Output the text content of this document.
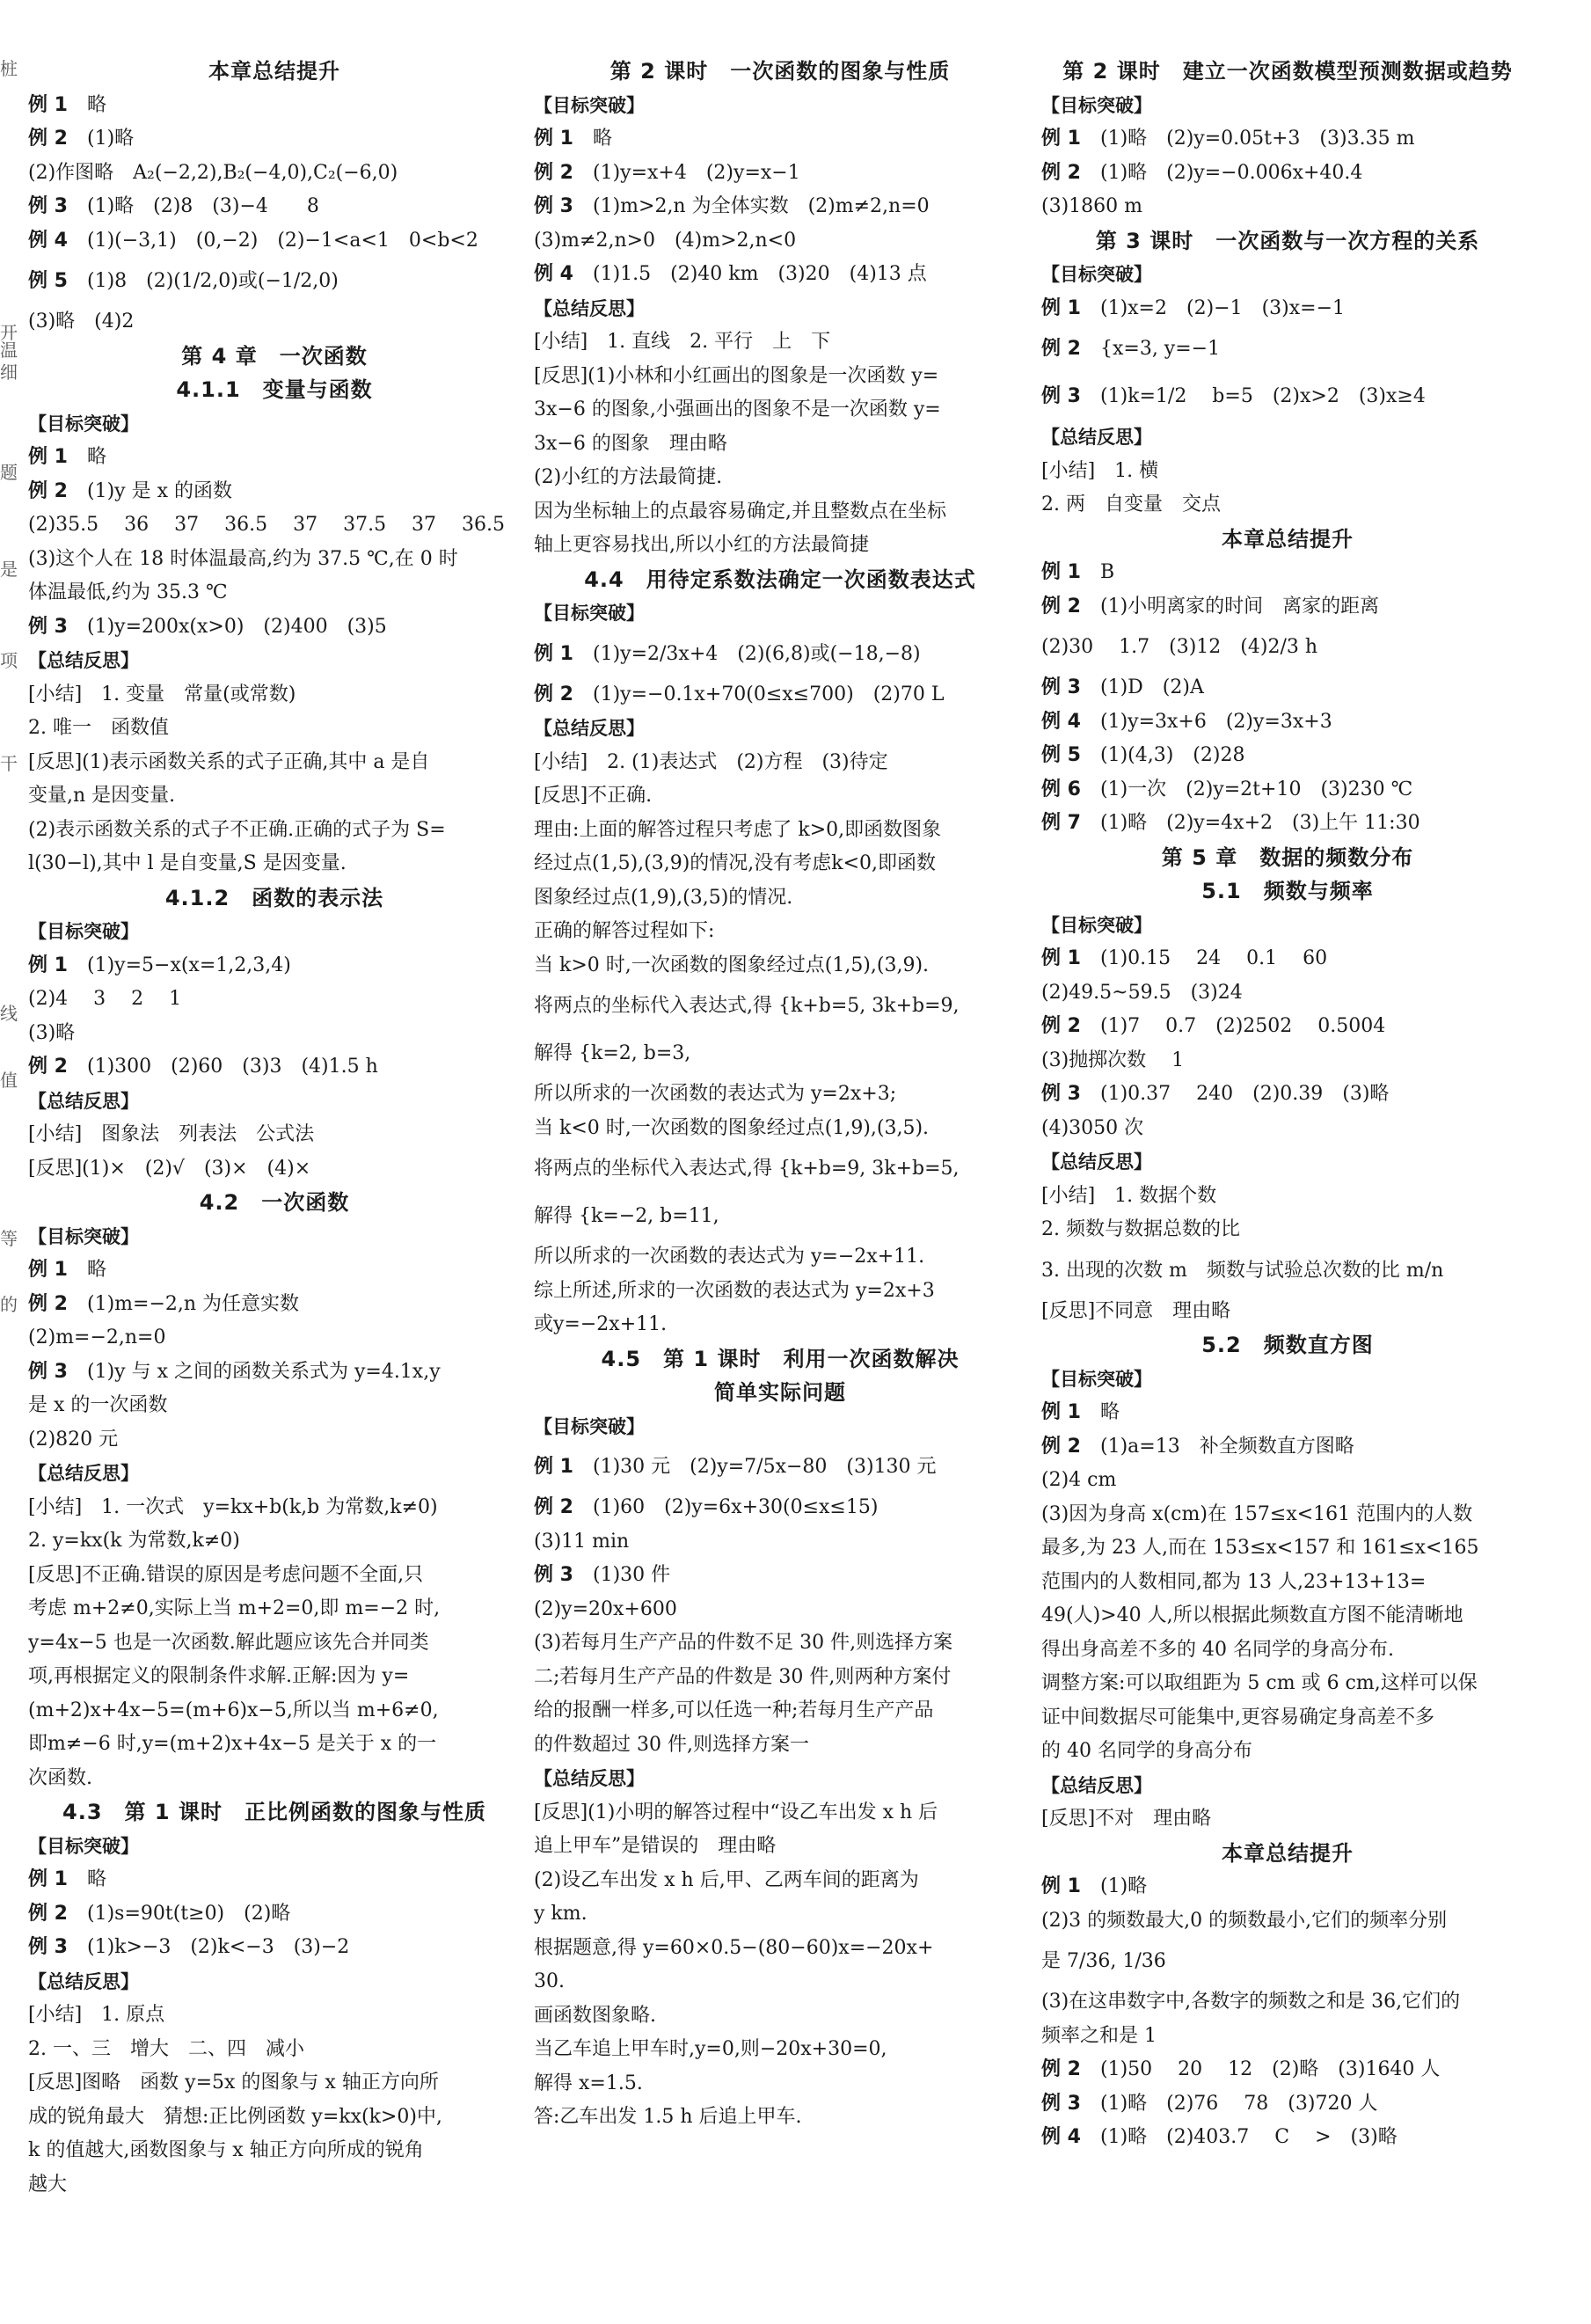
桩
开
温
细
题
是
项
干
线
值
等
的
本章总结提升
例 1　 略
例 2　 (1)略
(2)作图略　A₂(−2,2),B₂(−4,0),C₂(−6,0)
例 3　 (1)略　(2)8　(3)−4　　8
例 4　 (1)(−3,1)　(0,−2)　(2)−1<a<1　0<b<2
例 5　 (1)8　(2)(1/2,0)或(−1/2,0)
(3)略　(4)2
第 4 章　一次函数
4.1.1　变量与函数
【目标突破】
例 1　 略
例 2　 (1)y 是 x 的函数
(2)35.5　 36　 37　 36.5　 37　 37.5　 37　 36.5
(3)这个人在 18 时体温最高,约为 37.5 ℃,在 0 时
体温最低,约为 35.3 ℃
例 3　 (1)y=200x(x>0)　(2)400　(3)5
【总结反思】
[小结]　1. 变量　常量(或常数)
2. 唯一　函数值
[反思](1)表示函数关系的式子正确,其中 a 是自
变量,n 是因变量.
(2)表示函数关系的式子不正确.正确的式子为 S=
l(30−l),其中 l 是自变量,S 是因变量.
4.1.2　函数的表示法
【目标突破】
例 1　 (1)y=5−x(x=1,2,3,4)
(2)4　 3　 2　 1
(3)略
例 2　 (1)300　(2)60　(3)3　(4)1.5 h
【总结反思】
[小结]　图象法　列表法　公式法
[反思](1)×　(2)√　(3)×　(4)×
4.2　一次函数
【目标突破】
例 1　 略
例 2　 (1)m=−2,n 为任意实数
(2)m=−2,n=0
例 3　 (1)y 与 x 之间的函数关系式为 y=4.1x,y
是 x 的一次函数
(2)820 元
【总结反思】
[小结]　1. 一次式　y=kx+b(k,b 为常数,k≠0)
2. y=kx(k 为常数,k≠0)
[反思]不正确.错误的原因是考虑问题不全面,只
考虑 m+2≠0,实际上当 m+2=0,即 m=−2 时,
y=4x−5 也是一次函数.解此题应该先合并同类
项,再根据定义的限制条件求解.正解:因为 y=
(m+2)x+4x−5=(m+6)x−5,所以当 m+6≠0,
即m≠−6 时,y=(m+2)x+4x−5 是关于 x 的一
次函数.
4.3　第 1 课时　正比例函数的图象与性质
【目标突破】
例 1　 略
例 2　 (1)s=90t(t≥0)　(2)略
例 3　 (1)k>−3　(2)k<−3　(3)−2
【总结反思】
[小结]　1. 原点
2. 一、三　增大　二、四　减小
[反思]图略　函数 y=5x 的图象与 x 轴正方向所
成的锐角最大　猜想:正比例函数 y=kx(k>0)中,
k 的值越大,函数图象与 x 轴正方向所成的锐角
越大
第 2 课时　一次函数的图象与性质
【目标突破】
例 1　 略
例 2　 (1)y=x+4　(2)y=x−1
例 3　 (1)m>2,n 为全体实数　(2)m≠2,n=0
(3)m≠2,n>0　(4)m>2,n<0
例 4　 (1)1.5　(2)40 km　(3)20　(4)13 点
【总结反思】
[小结]　1. 直线　2. 平行　上　下
[反思](1)小林和小红画出的图象是一次函数 y=
3x−6 的图象,小强画出的图象不是一次函数 y=
3x−6 的图象　理由略
(2)小红的方法最简捷.
因为坐标轴上的点最容易确定,并且整数点在坐标
轴上更容易找出,所以小红的方法最简捷
4.4　用待定系数法确定一次函数表达式
【目标突破】
例 1　 (1)y=2/3x+4　(2)(6,8)或(−18,−8)
例 2　 (1)y=−0.1x+70(0≤x≤700)　(2)70 L
【总结反思】
[小结]　2. (1)表达式　(2)方程　(3)待定
[反思]不正确.
理由:上面的解答过程只考虑了 k>0,即函数图象
经过点(1,5),(3,9)的情况,没有考虑k<0,即函数
图象经过点(1,9),(3,5)的情况.
正确的解答过程如下:
当 k>0 时,一次函数的图象经过点(1,5),(3,9).
将两点的坐标代入表达式,得 {k+b=5, 3k+b=9,
解得 {k=2, b=3,
所以所求的一次函数的表达式为 y=2x+3;
当 k<0 时,一次函数的图象经过点(1,9),(3,5).
将两点的坐标代入表达式,得 {k+b=9, 3k+b=5,
解得 {k=−2, b=11,
所以所求的一次函数的表达式为 y=−2x+11.
综上所述,所求的一次函数的表达式为 y=2x+3
或y=−2x+11.
4.5　第 1 课时　利用一次函数解决
简单实际问题
【目标突破】
例 1　 (1)30 元　(2)y=7/5x−80　(3)130 元
例 2　 (1)60　(2)y=6x+30(0≤x≤15)
(3)11 min
例 3　 (1)30 件
(2)y=20x+600
(3)若每月生产产品的件数不足 30 件,则选择方案
二;若每月生产产品的件数是 30 件,则两种方案付
给的报酬一样多,可以任选一种;若每月生产产品
的件数超过 30 件,则选择方案一
【总结反思】
[反思](1)小明的解答过程中“设乙车出发 x h 后
追上甲车”是错误的　理由略
(2)设乙车出发 x h 后,甲、乙两车间的距离为
y km.
根据题意,得 y=60×0.5−(80−60)x=−20x+
30.
画函数图象略.
当乙车追上甲车时,y=0,则−20x+30=0,
解得 x=1.5.
答:乙车出发 1.5 h 后追上甲车.
第 2 课时　建立一次函数模型预测数据或趋势
【目标突破】
例 1　 (1)略　(2)y=0.05t+3　(3)3.35 m
例 2　 (1)略　(2)y=−0.006x+40.4
(3)1860 m
第 3 课时　一次函数与一次方程的关系
【目标突破】
例 1　 (1)x=2　(2)−1　(3)x=−1
例 2　 {x=3, y=−1
例 3　 (1)k=1/2　 b=5　(2)x>2　(3)x≥4
【总结反思】
[小结]　1. 横
2. 两　自变量　交点
本章总结提升
例 1　 B
例 2　 (1)小明离家的时间　离家的距离
(2)30　 1.7　(3)12　(4)2/3 h
例 3　 (1)D　(2)A
例 4　 (1)y=3x+6　(2)y=3x+3
例 5　 (1)(4,3)　(2)28
例 6　 (1)一次　(2)y=2t+10　(3)230 ℃
例 7　 (1)略　(2)y=4x+2　(3)上午 11:30
第 5 章　数据的频数分布
5.1　频数与频率
【目标突破】
例 1　 (1)0.15　 24　 0.1　 60
(2)49.5~59.5　(3)24
例 2　 (1)7　 0.7　(2)2502　 0.5004
(3)抛掷次数　 1
例 3　 (1)0.37　 240　(2)0.39　(3)略
(4)3050 次
【总结反思】
[小结]　1. 数据个数
2. 频数与数据总数的比
3. 出现的次数 m　频数与试验总次数的比 m/n
[反思]不同意　理由略
5.2　频数直方图
【目标突破】
例 1　 略
例 2　 (1)a=13　补全频数直方图略
(2)4 cm
(3)因为身高 x(cm)在 157≤x<161 范围内的人数
最多,为 23 人,而在 153≤x<157 和 161≤x<165
范围内的人数相同,都为 13 人,23+13+13=
49(人)>40 人,所以根据此频数直方图不能清晰地
得出身高差不多的 40 名同学的身高分布.
调整方案:可以取组距为 5 cm 或 6 cm,这样可以保
证中间数据尽可能集中,更容易确定身高差不多
的 40 名同学的身高分布
【总结反思】
[反思]不对　理由略
本章总结提升
例 1　 (1)略
(2)3 的频数最大,0 的频数最小,它们的频率分别
是 7/36, 1/36
(3)在这串数字中,各数字的频数之和是 36,它们的
频率之和是 1
例 2　 (1)50　 20　 12　(2)略　(3)1640 人
例 3　 (1)略　(2)76　 78　(3)720 人
例 4　 (1)略　(2)403.7　 C　 >　(3)略
